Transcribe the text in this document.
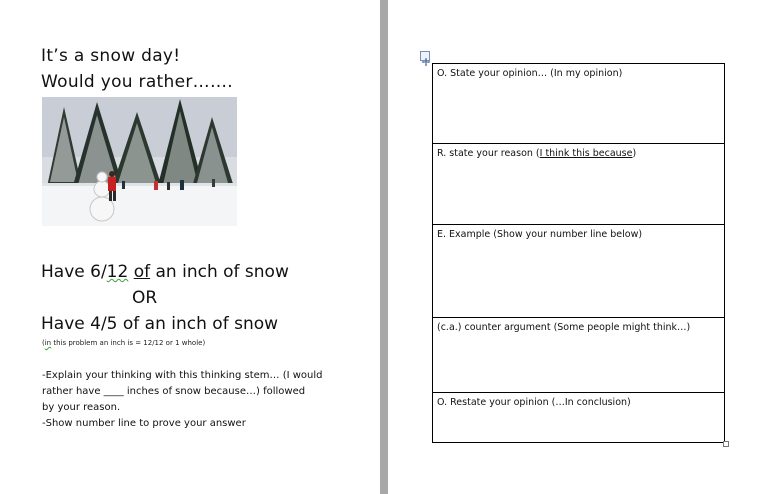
It’s a snow day!
Would you rather…….
Have 6/12 of an inch of snow
OR
Have 4/5 of an inch of snow
(in this problem an inch is = 12/12 or 1 whole)
-Explain your thinking with this thinking stem… (I would
rather have ____ inches of snow because…) followed
by your reason.
-Show number line to prove your answer
O. State your opinion… (In my opinion)
R. state your reason (I think this because)
E. Example (Show your number line below)
(c.a.) counter argument (Some people might think…)
O. Restate your opinion (…In conclusion)
